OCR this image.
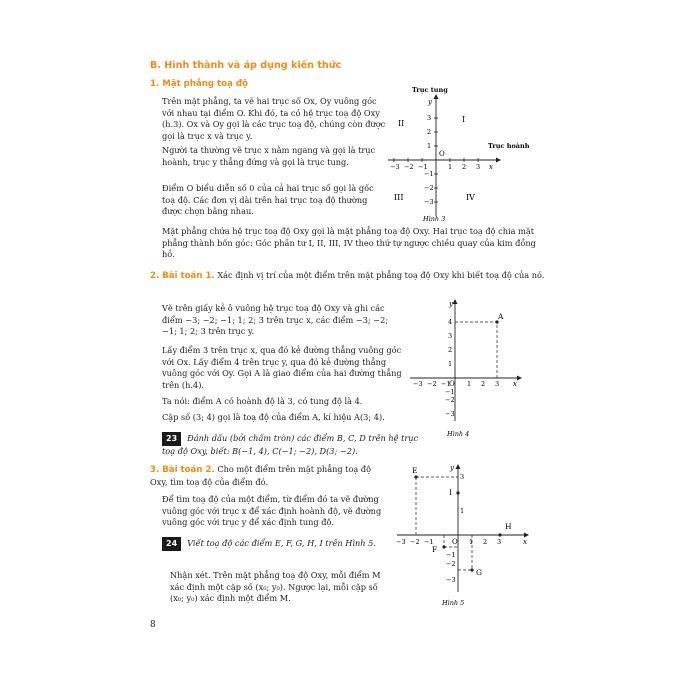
B. Hình thành và áp dụng kiến thức
1. Mặt phẳng toạ độ

Trên mặt phẳng, ta vẽ hai trục số Ox, Oy vuông góc với nhau tại điểm O. Khi đó, ta có hệ trục toạ độ Oxy (h.3). Ox và Oy gọi là các trục toạ độ, chúng còn được gọi là trục x và trục y.

Người ta thường vẽ trục x nằm ngang và gọi là trục hoành, trục y thẳng đứng và gọi là trục tung.

Điểm O biểu diễn số 0 của cả hai trục số gọi là gốc toạ độ. Các đơn vị dài trên hai trục toạ độ thường được chọn bằng nhau.

Mặt phẳng chứa hệ trục toạ độ Oxy gọi là mặt phẳng toạ độ Oxy. Hai trục toạ độ chia mặt phẳng thành bốn góc: Góc phần tư I, II, III, IV theo thứ tự ngược chiều quay của kim đồng hồ.

Trục tung
Trục hoành
−3 −2 −1	1 2 3
3
2
1
−1
−2
−3
O
x
y
I
II
III	IV
Hình 3
2. Bài toán 1. Xác định vị trí của một điểm trên mặt phẳng toạ độ Oxy khi biết toạ độ của nó.

Vẽ trên giấy kẻ ô vuông hệ trục toạ độ Oxy và ghi các điểm −3; −2; −1; 1; 2; 3 trên trục x, các điểm −3; −2; −1; 1; 2; 3 trên trục y.

Lấy điểm 3 trên trục x, qua đó kẻ đường thẳng vuông góc với Ox. Lấy điểm 4 trên trục y, qua đó kẻ đường thẳng vuông góc với Oy. Gọi A là giao điểm của hai đường thẳng trên (h.4).

Ta nói: điểm A có hoành độ là 3, có tung độ là 4.

Cặp số (3; 4) gọi là toạ độ của điểm A, kí hiệu A(3; 4).

23 Đánh dấu (bởi chấm tròn) các điểm B, C, D trên hệ trục toạ độ Oxy, biết: B(−1, 4), C(−1; −2), D(3; −2).
A
−3 −2 −1	1 2 3
4
3
2
1
−1
−2
−3
O	x
y
Hình 4
3. Bài toán 2. Cho một điểm trên mặt phẳng toạ độ Oxy, tìm toạ độ của điểm đó.

Để tìm toạ độ của một điểm, từ điểm đó ta vẽ đường vuông góc với trục x để xác định hoành độ, vẽ đường vuông góc với trục y để xác định tung độ.

24 Viết toạ độ các điểm E, F, G, H, I trên Hình 5.

Nhận xét. Trên mặt phẳng toạ độ Oxy, mỗi điểm M xác định một cặp số (x₀; y₀). Ngược lại, mỗi cặp số (x₀; y₀) xác định một điểm M.

E
F
G
H
I
−3 −2 −1	1 2 3
3
1
−1
−2
−3
O	x
y
Hình 5
8
